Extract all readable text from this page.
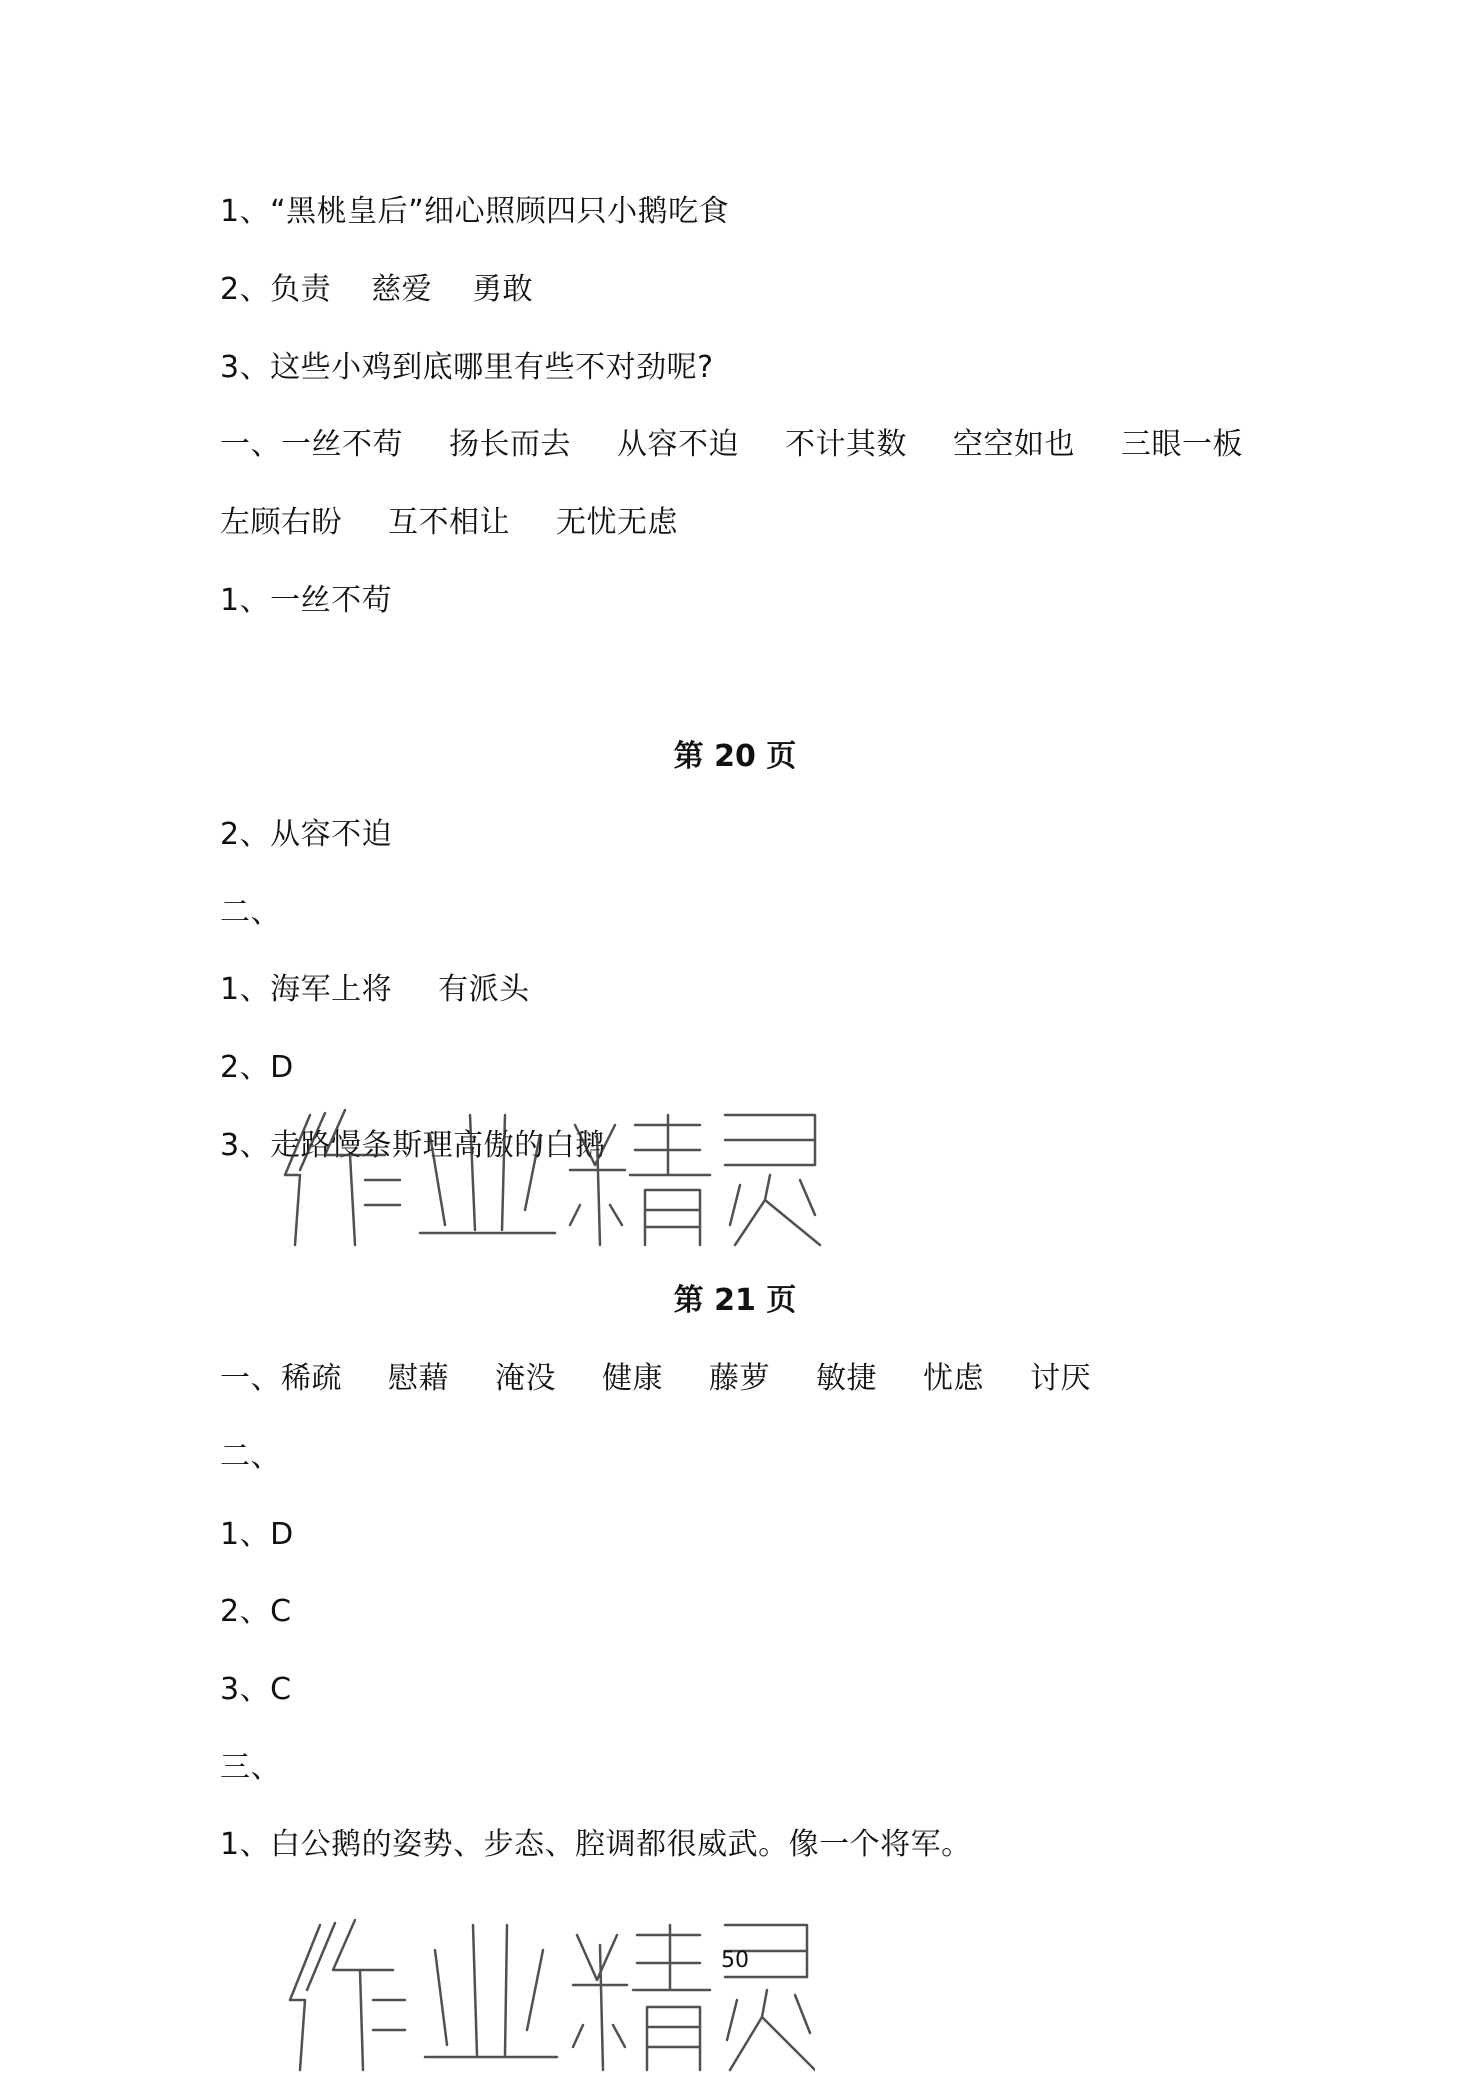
1、“黑桃皇后”细心照顾四只小鹅吃食
2、负责 慈爱 勇敢
3、这些小鸡到底哪里有些不对劲呢?
一、一丝不苟 扬长而去 从容不迫 不计其数 空空如也 三眼一板
左顾右盼 互不相让 无忧无虑
1、一丝不苟
第 20 页
2、从容不迫
二、
1、海军上将 有派头
2、D
3、走路慢条斯理高傲的白鹅
第 21 页
一、稀疏 慰藉 淹没 健康 藤萝 敏捷 忧虑 讨厌
二、
1、D
2、C
3、C
三、
1、白公鹅的姿势、步态、腔调都很威武。像一个将军。
50
